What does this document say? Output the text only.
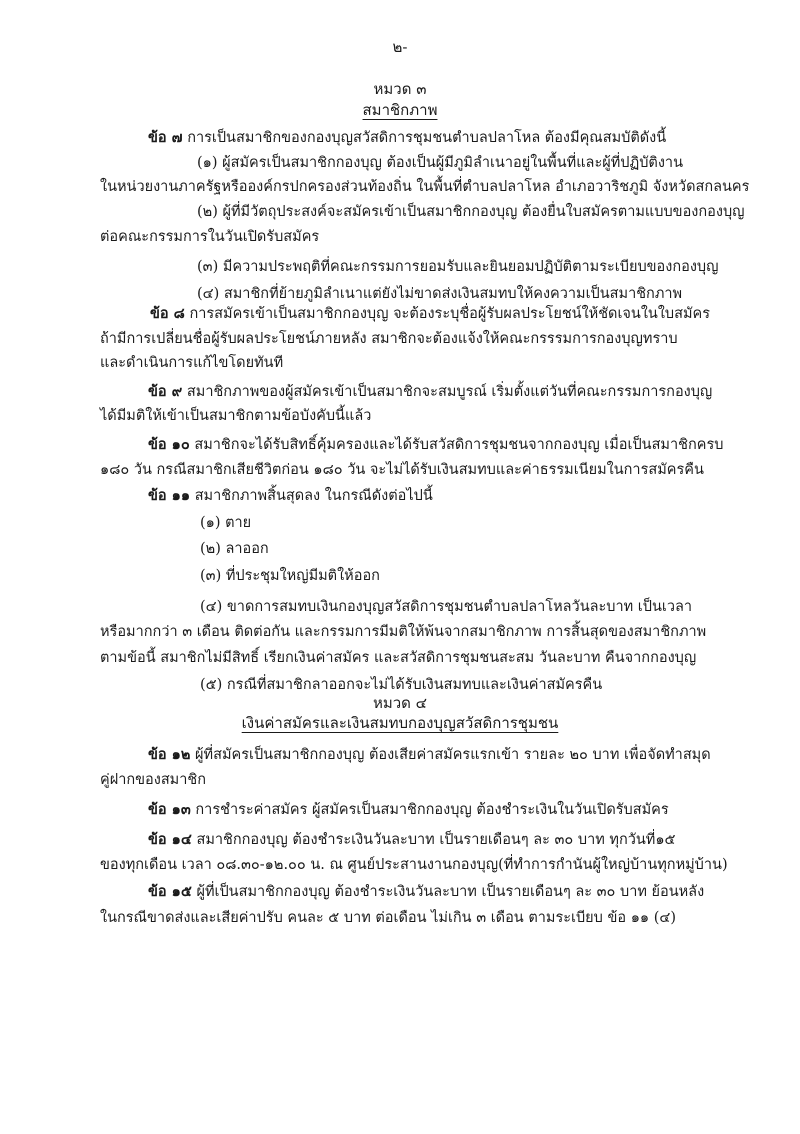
๒-
หมวด ๓
สมาชิกภาพ
ข้อ ๗ การเป็นสมาชิกของกองบุญสวัสดิการชุมชนตำบลปลาโหล ต้องมีคุณสมบัติดังนี้
(๑) ผู้สมัครเป็นสมาชิกกองบุญ ต้องเป็นผู้มีภูมิลำเนาอยู่ในพื้นที่และผู้ที่ปฏิบัติงาน
ในหน่วยงานภาครัฐหรือองค์กรปกครองส่วนท้องถิ่น ในพื้นที่ตำบลปลาโหล อำเภอวาริชภูมิ จังหวัดสกลนคร
(๒) ผู้ที่มีวัตถุประสงค์จะสมัครเข้าเป็นสมาชิกกองบุญ ต้องยื่นใบสมัครตามแบบของกองบุญ
ต่อคณะกรรมการในวันเปิดรับสมัคร
(๓) มีความประพฤติที่คณะกรรมการยอมรับและยินยอมปฏิบัติตามระเบียบของกองบุญ
(๔) สมาชิกที่ย้ายภูมิลำเนาแต่ยังไม่ขาดส่งเงินสมทบให้คงความเป็นสมาชิกภาพ
ข้อ ๘ การสมัครเข้าเป็นสมาชิกกองบุญ จะต้องระบุชื่อผู้รับผลประโยชน์ให้ชัดเจนในใบสมัคร
ถ้ามีการเปลี่ยนชื่อผู้รับผลประโยชน์ภายหลัง สมาชิกจะต้องแจ้งให้คณะกรรรมการกองบุญทราบ
และดำเนินการแก้ไขโดยทันที
ข้อ ๙ สมาชิกภาพของผู้สมัครเข้าเป็นสมาชิกจะสมบูรณ์ เริ่มตั้งแต่วันที่คณะกรรมการกองบุญ
ได้มีมติให้เข้าเป็นสมาชิกตามข้อบังคับนี้แล้ว
ข้อ ๑๐ สมาชิกจะได้รับสิทธิ์คุ้มครองและได้รับสวัสดิการชุมชนจากกองบุญ เมื่อเป็นสมาชิกครบ
๑๘๐ วัน กรณีสมาชิกเสียชีวิตก่อน ๑๘๐ วัน จะไม่ได้รับเงินสมทบและค่าธรรมเนียมในการสมัครคืน
ข้อ ๑๑ สมาชิกภาพสิ้นสุดลง ในกรณีดังต่อไปนี้
(๑) ตาย
(๒) ลาออก
(๓) ที่ประชุมใหญ่มีมติให้ออก
(๔) ขาดการสมทบเงินกองบุญสวัสดิการชุมชนตำบลปลาโหลวันละบาท เป็นเวลา
หรือมากกว่า ๓ เดือน ติดต่อกัน และกรรมการมีมติให้พ้นจากสมาชิกภาพ การสิ้นสุดของสมาชิกภาพ
ตามข้อนี้ สมาชิกไม่มีสิทธิ์ เรียกเงินค่าสมัคร และสวัสดิการชุมชนสะสม วันละบาท คืนจากกองบุญ
(๕) กรณีที่สมาชิกลาออกจะไม่ได้รับเงินสมทบและเงินค่าสมัครคืน
หมวด ๔
เงินค่าสมัครและเงินสมทบกองบุญสวัสดิการชุมชน
ข้อ ๑๒ ผู้ที่สมัครเป็นสมาชิกกองบุญ ต้องเสียค่าสมัครแรกเข้า รายละ ๒๐ บาท เพื่อจัดทำสมุด
คู่ฝากของสมาชิก
ข้อ ๑๓ การชำระค่าสมัคร ผู้สมัครเป็นสมาชิกกองบุญ ต้องชำระเงินในวันเปิดรับสมัคร
ข้อ ๑๔ สมาชิกกองบุญ ต้องชำระเงินวันละบาท เป็นรายเดือนๆ ละ ๓๐ บาท ทุกวันที่๑๕
ของทุกเดือน เวลา ๐๘.๓๐-๑๒.๐๐ น. ณ ศูนย์ประสานงานกองบุญ(ที่ทำการกำนันผู้ใหญ่บ้านทุกหมู่บ้าน)
ข้อ ๑๕ ผู้ที่เป็นสมาชิกกองบุญ ต้องชำระเงินวันละบาท เป็นรายเดือนๆ ละ ๓๐ บาท ย้อนหลัง
ในกรณีขาดส่งและเสียค่าปรับ คนละ ๕ บาท ต่อเดือน ไม่เกิน ๓ เดือน ตามระเบียบ ข้อ ๑๑ (๔)
